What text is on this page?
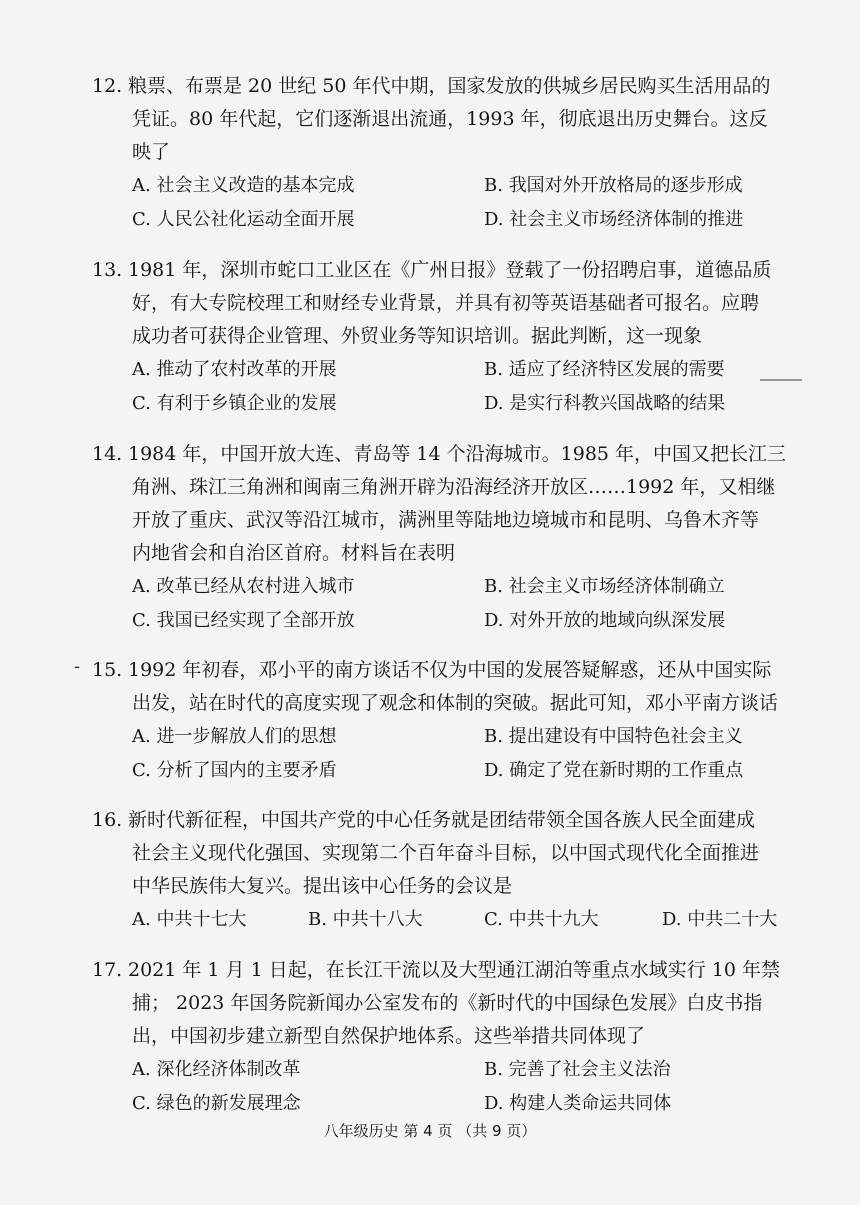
12. 粮票、布票是 20 世纪 50 年代中期，国家发放的供城乡居民购买生活用品的
凭证。80 年代起，它们逐渐退出流通，1993 年，彻底退出历史舞台。这反
映了
A. 社会主义改造的基本完成	B. 我国对外开放格局的逐步形成
C. 人民公社化运动全面开展	D. 社会主义市场经济体制的推进
13. 1981 年，深圳市蛇口工业区在《广州日报》登载了一份招聘启事，道德品质
好，有大专院校理工和财经专业背景，并具有初等英语基础者可报名。应聘
成功者可获得企业管理、外贸业务等知识培训。据此判断，这一现象
A. 推动了农村改革的开展	B. 适应了经济特区发展的需要
C. 有利于乡镇企业的发展	D. 是实行科教兴国战略的结果
14. 1984 年，中国开放大连、青岛等 14 个沿海城市。1985 年，中国又把长江三
角洲、珠江三角洲和闽南三角洲开辟为沿海经济开放区……1992 年，又相继
开放了重庆、武汉等沿江城市，满洲里等陆地边境城市和昆明、乌鲁木齐等
内地省会和自治区首府。材料旨在表明
A. 改革已经从农村进入城市	B. 社会主义市场经济体制确立
C. 我国已经实现了全部开放	D. 对外开放的地域向纵深发展
15. 1992 年初春，邓小平的南方谈话不仅为中国的发展答疑解惑，还从中国实际
出发，站在时代的高度实现了观念和体制的突破。据此可知，邓小平南方谈话
A. 进一步解放人们的思想	B. 提出建设有中国特色社会主义
C. 分析了国内的主要矛盾	D. 确定了党在新时期的工作重点
16. 新时代新征程，中国共产党的中心任务就是团结带领全国各族人民全面建成
社会主义现代化强国、实现第二个百年奋斗目标，以中国式现代化全面推进
中华民族伟大复兴。提出该中心任务的会议是
A. 中共十七大	B. 中共十八大	C. 中共十九大	D. 中共二十大
17. 2021 年 1 月 1 日起，在长江干流以及大型通江湖泊等重点水域实行 10 年禁
捕； 2023 年国务院新闻办公室发布的《新时代的中国绿色发展》白皮书指
出，中国初步建立新型自然保护地体系。这些举措共同体现了
A. 深化经济体制改革	B. 完善了社会主义法治
C. 绿色的新发展理念	D. 构建人类命运共同体
-
八年级历史 第 4 页 （共 9 页）
